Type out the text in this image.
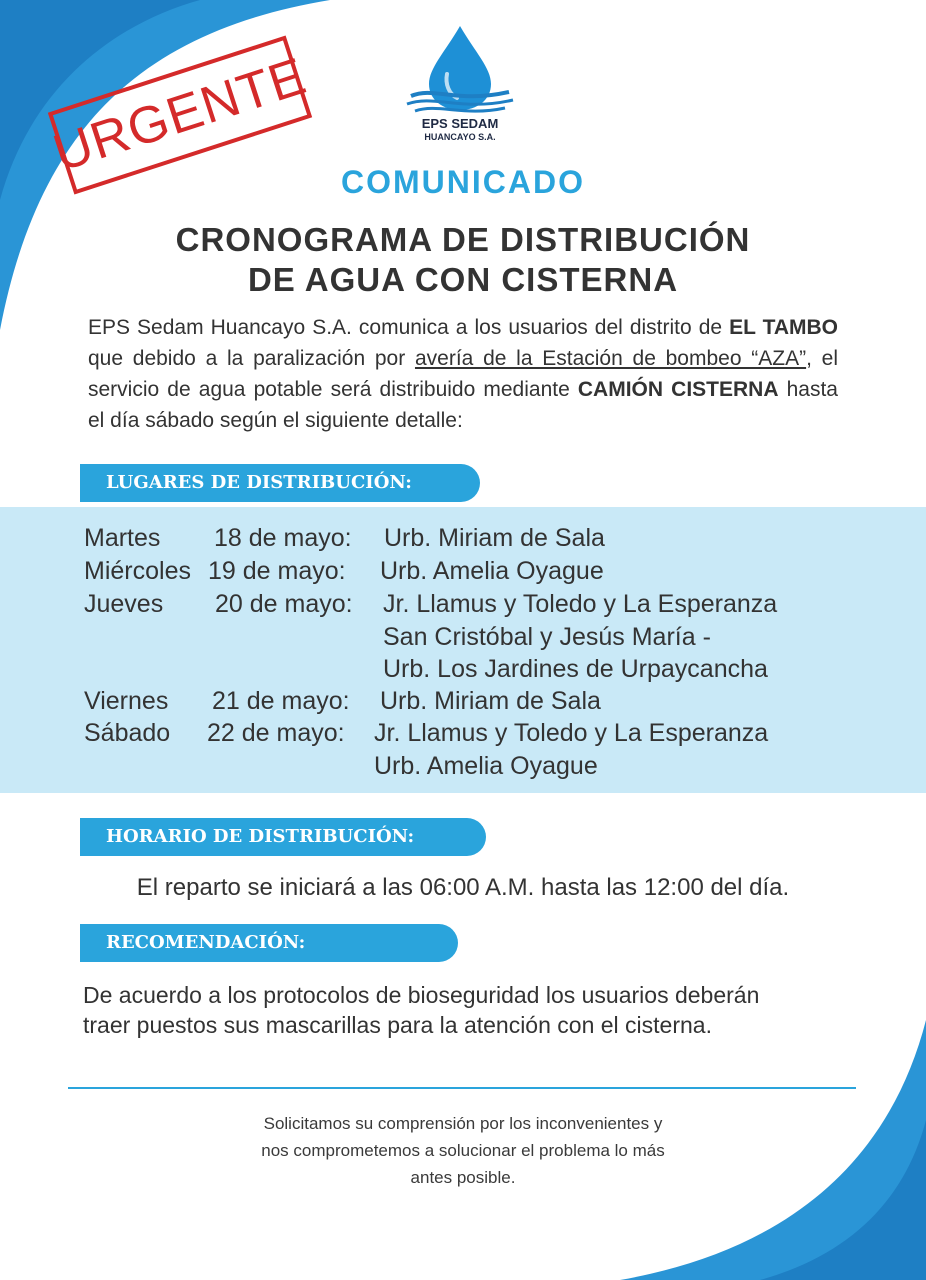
URGENTE	EPS SEDAM
HUANCAYO S.A.
COMUNICADO
CRONOGRAMA DE DISTRIBUCIÓN
DE AGUA CON CISTERNA
EPS Sedam Huancayo S.A. comunica a los usuarios del distrito de EL TAMBO que debido a la paralización por avería de la Estación de bombeo “AZA”, el servicio de agua potable será distribuido mediante CAMIÓN CISTERNA hasta el día sábado según el siguiente detalle:
LUGARES DE DISTRIBUCIÓN:
Martes 18 de mayo: Urb. Miriam de Sala
Miércoles 19 de mayo: Urb. Amelia Oyague
Jueves 20 de mayo: Jr. Llamus y Toledo y La Esperanza
San Cristóbal y Jesús María -
Urb. Los Jardines de Urpaycancha
Viernes 21 de mayo: Urb. Miriam de Sala
Sábado 22 de mayo: Jr. Llamus y Toledo y La Esperanza
Urb. Amelia Oyague
HORARIO DE DISTRIBUCIÓN:
El reparto se iniciará a las 06:00 A.M. hasta las 12:00 del día.
RECOMENDACIÓN:
De acuerdo a los protocolos de bioseguridad los usuarios deberán traer puestos sus mascarillas para la atención con el cisterna.
Solicitamos su comprensión por los inconvenientes y
nos comprometemos a solucionar el problema lo más
antes posible.
